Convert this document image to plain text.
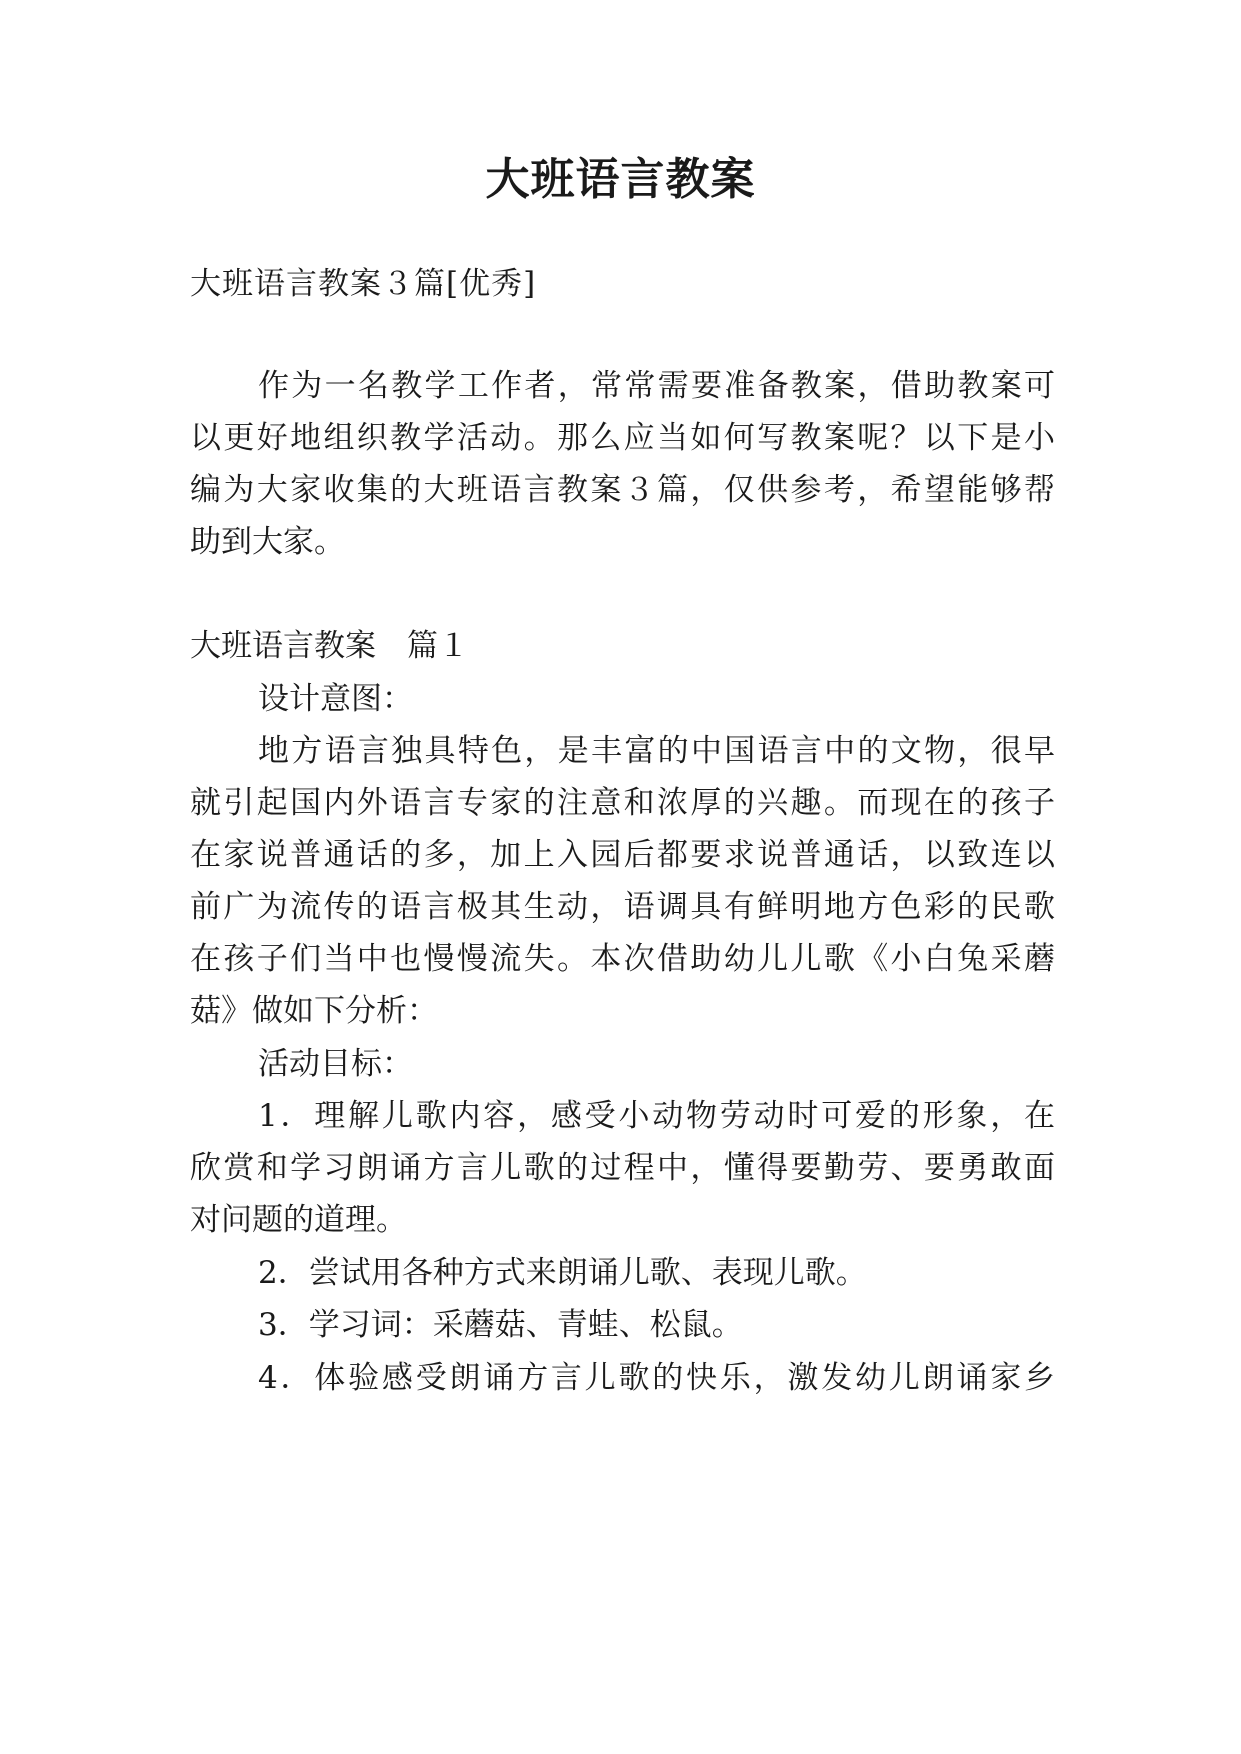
大班语言教案

大班语言教案３篇[优秀]

作为一名教学工作者，常常需要准备教案，借助教案可

以更好地组织教学活动。那么应当如何写教案呢？以下是小

编为大家收集的大班语言教案３篇，仅供参考，希望能够帮

助到大家。

大班语言教案　篇１

设计意图：

地方语言独具特色，是丰富的中国语言中的文物，很早

就引起国内外语言专家的注意和浓厚的兴趣。而现在的孩子

在家说普通话的多，加上入园后都要求说普通话，以致连以

前广为流传的语言极其生动，语调具有鲜明地方色彩的民歌

在孩子们当中也慢慢流失。本次借助幼儿儿歌《小白兔采蘑

菇》做如下分析：

活动目标：

1．理解儿歌内容，感受小动物劳动时可爱的形象，在

欣赏和学习朗诵方言儿歌的过程中，懂得要勤劳、要勇敢面

对问题的道理。

2．尝试用各种方式来朗诵儿歌、表现儿歌。

3．学习词：采蘑菇、青蛙、松鼠。

4．体验感受朗诵方言儿歌的快乐，激发幼儿朗诵家乡
